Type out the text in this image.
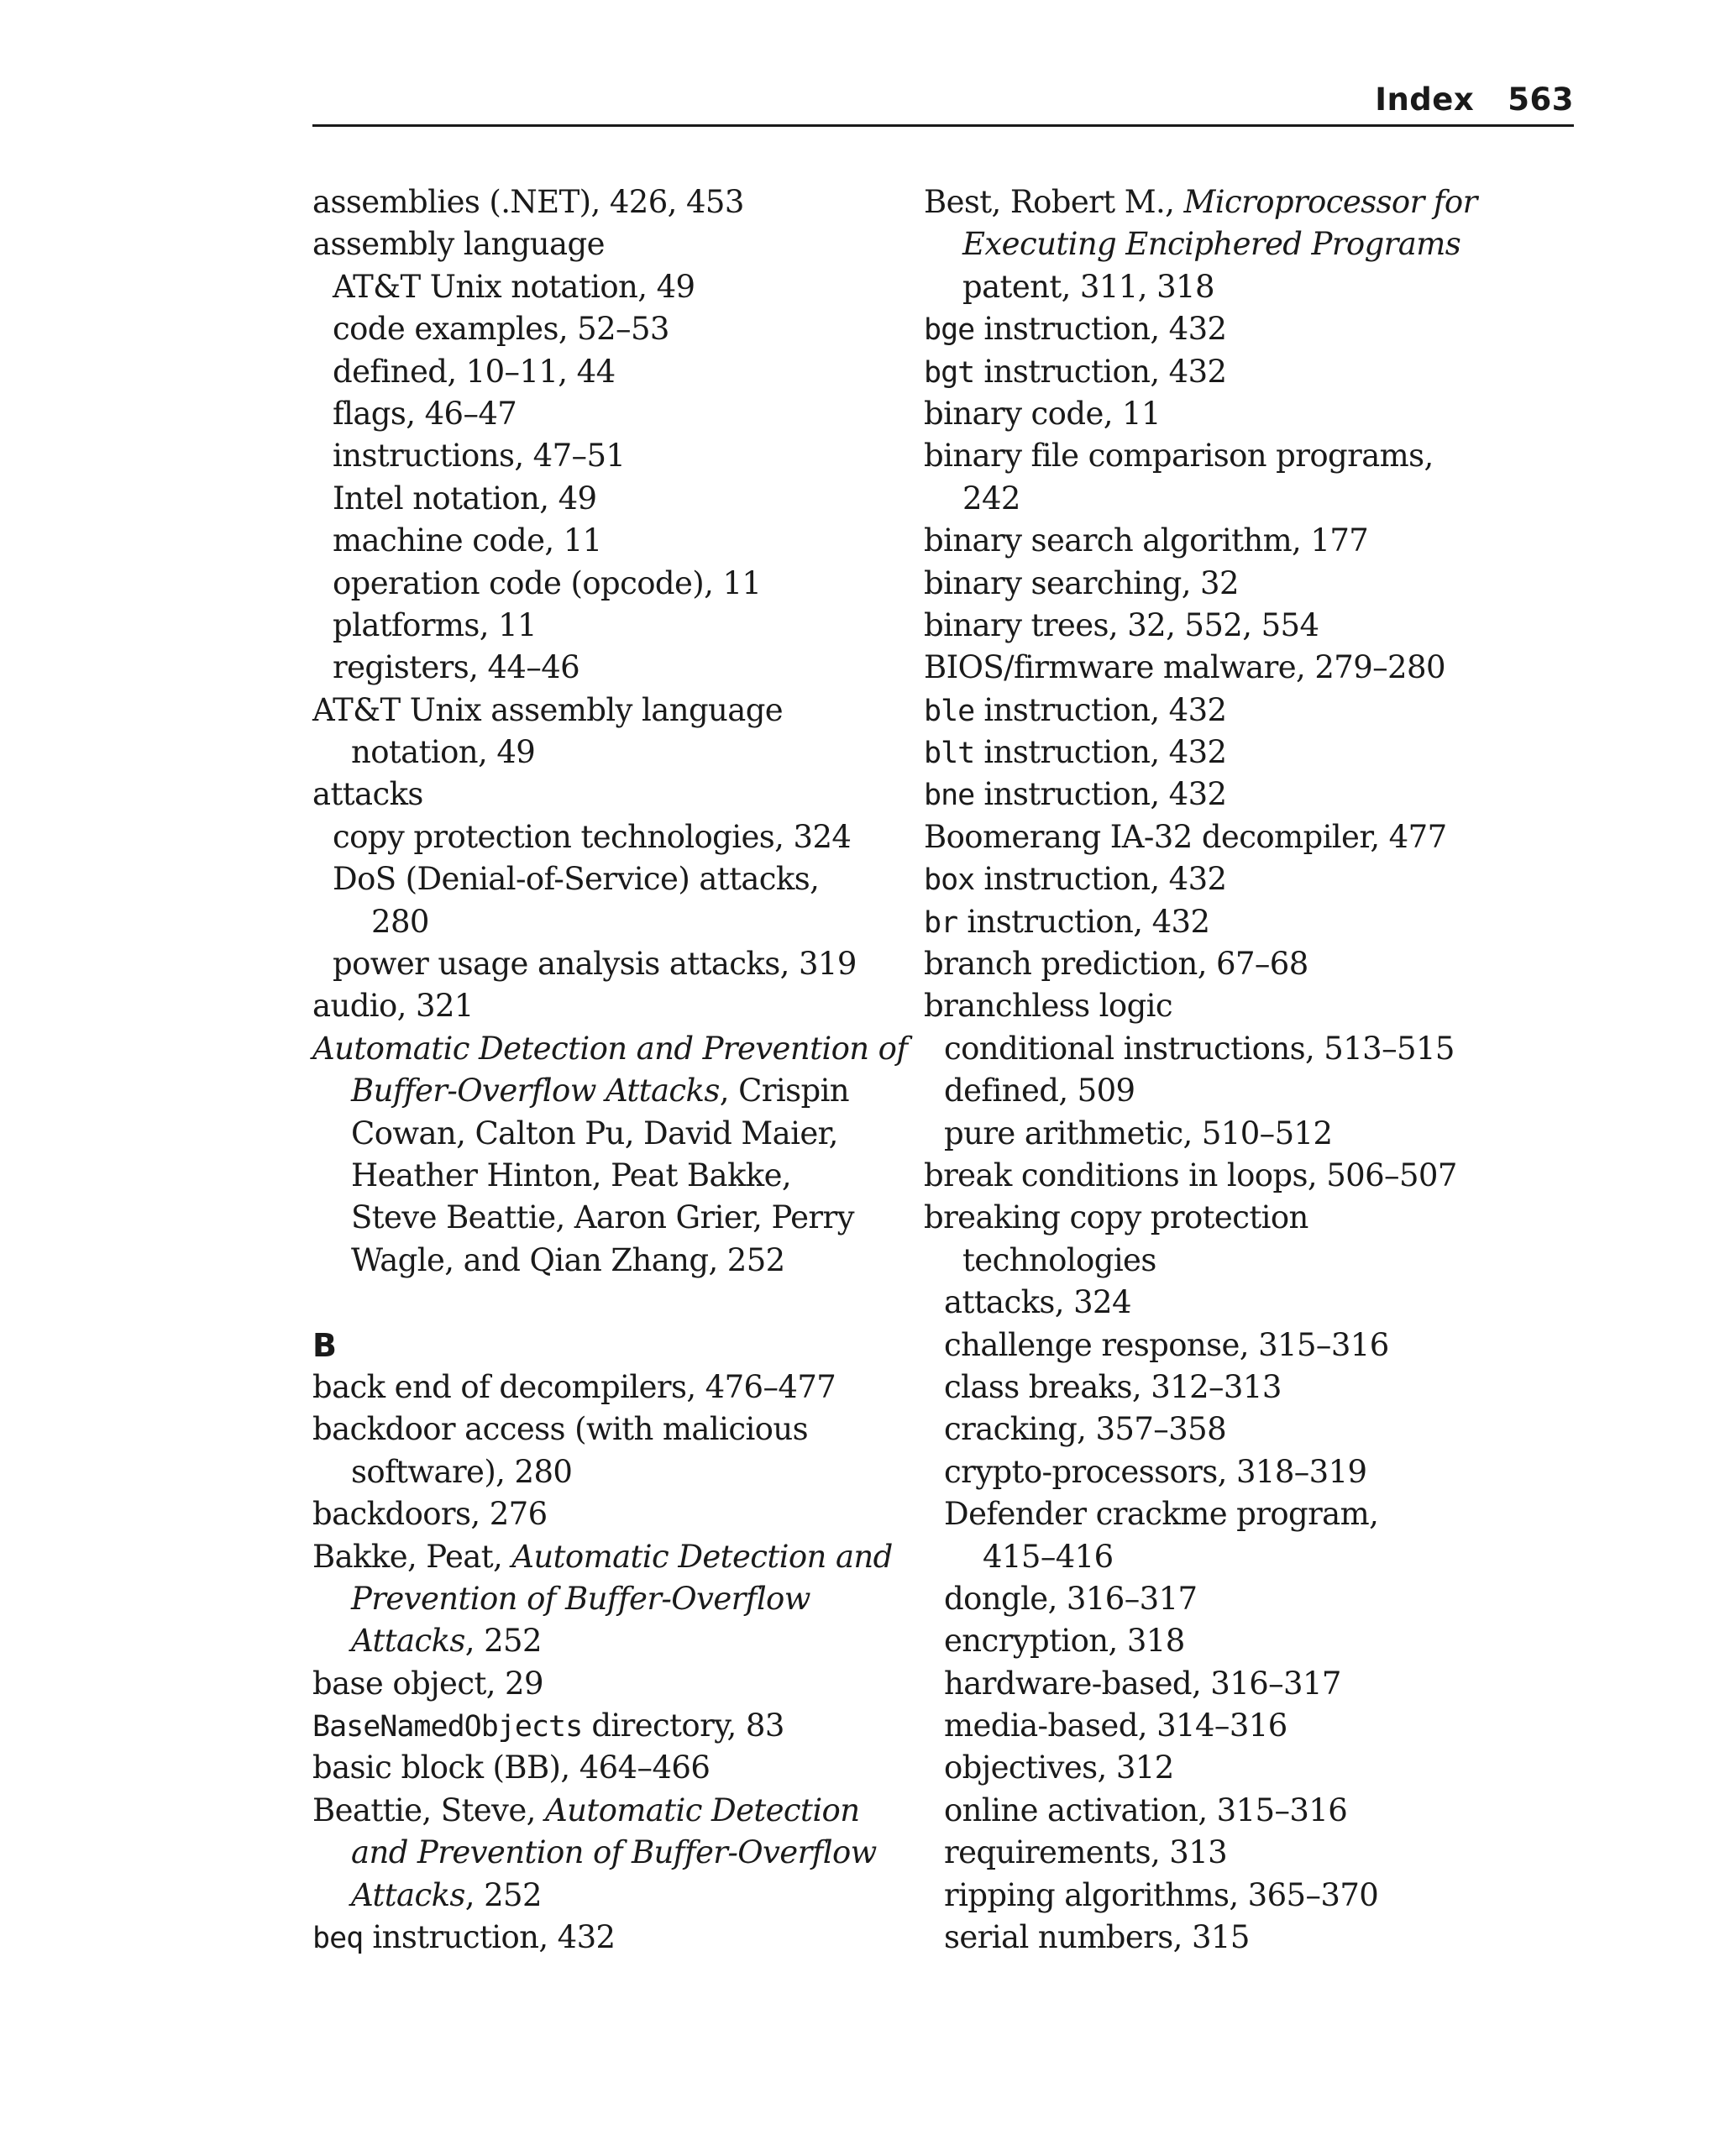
Index 563
assemblies (.NET), 426, 453
assembly language
AT&T Unix notation, 49
code examples, 52–53
defined, 10–11, 44
flags, 46–47
instructions, 47–51
Intel notation, 49
machine code, 11
operation code (opcode), 11
platforms, 11
registers, 44–46
AT&T Unix assembly language
notation, 49
attacks
copy protection technologies, 324
DoS (Denial-of-Service) attacks,
280
power usage analysis attacks, 319
audio, 321
Automatic Detection and Prevention of
Buffer-Overflow Attacks, Crispin
Cowan, Calton Pu, David Maier,
Heather Hinton, Peat Bakke,
Steve Beattie, Aaron Grier, Perry
Wagle, and Qian Zhang, 252
B
back end of decompilers, 476–477
backdoor access (with malicious
software), 280
backdoors, 276
Bakke, Peat, Automatic Detection and
Prevention of Buffer-Overflow
Attacks, 252
base object, 29
BaseNamedObjects directory, 83
basic block (BB), 464–466
Beattie, Steve, Automatic Detection
and Prevention of Buffer-Overflow
Attacks, 252
beq instruction, 432
Best, Robert M., Microprocessor for
Executing Enciphered Programs
patent, 311, 318
bge instruction, 432
bgt instruction, 432
binary code, 11
binary file comparison programs,
242
binary search algorithm, 177
binary searching, 32
binary trees, 32, 552, 554
BIOS/firmware malware, 279–280
ble instruction, 432
blt instruction, 432
bne instruction, 432
Boomerang IA-32 decompiler, 477
box instruction, 432
br instruction, 432
branch prediction, 67–68
branchless logic
conditional instructions, 513–515
defined, 509
pure arithmetic, 510–512
break conditions in loops, 506–507
breaking copy protection
technologies
attacks, 324
challenge response, 315–316
class breaks, 312–313
cracking, 357–358
crypto-processors, 318–319
Defender crackme program,
415–416
dongle, 316–317
encryption, 318
hardware-based, 316–317
media-based, 314–316
objectives, 312
online activation, 315–316
requirements, 313
ripping algorithms, 365–370
serial numbers, 315
